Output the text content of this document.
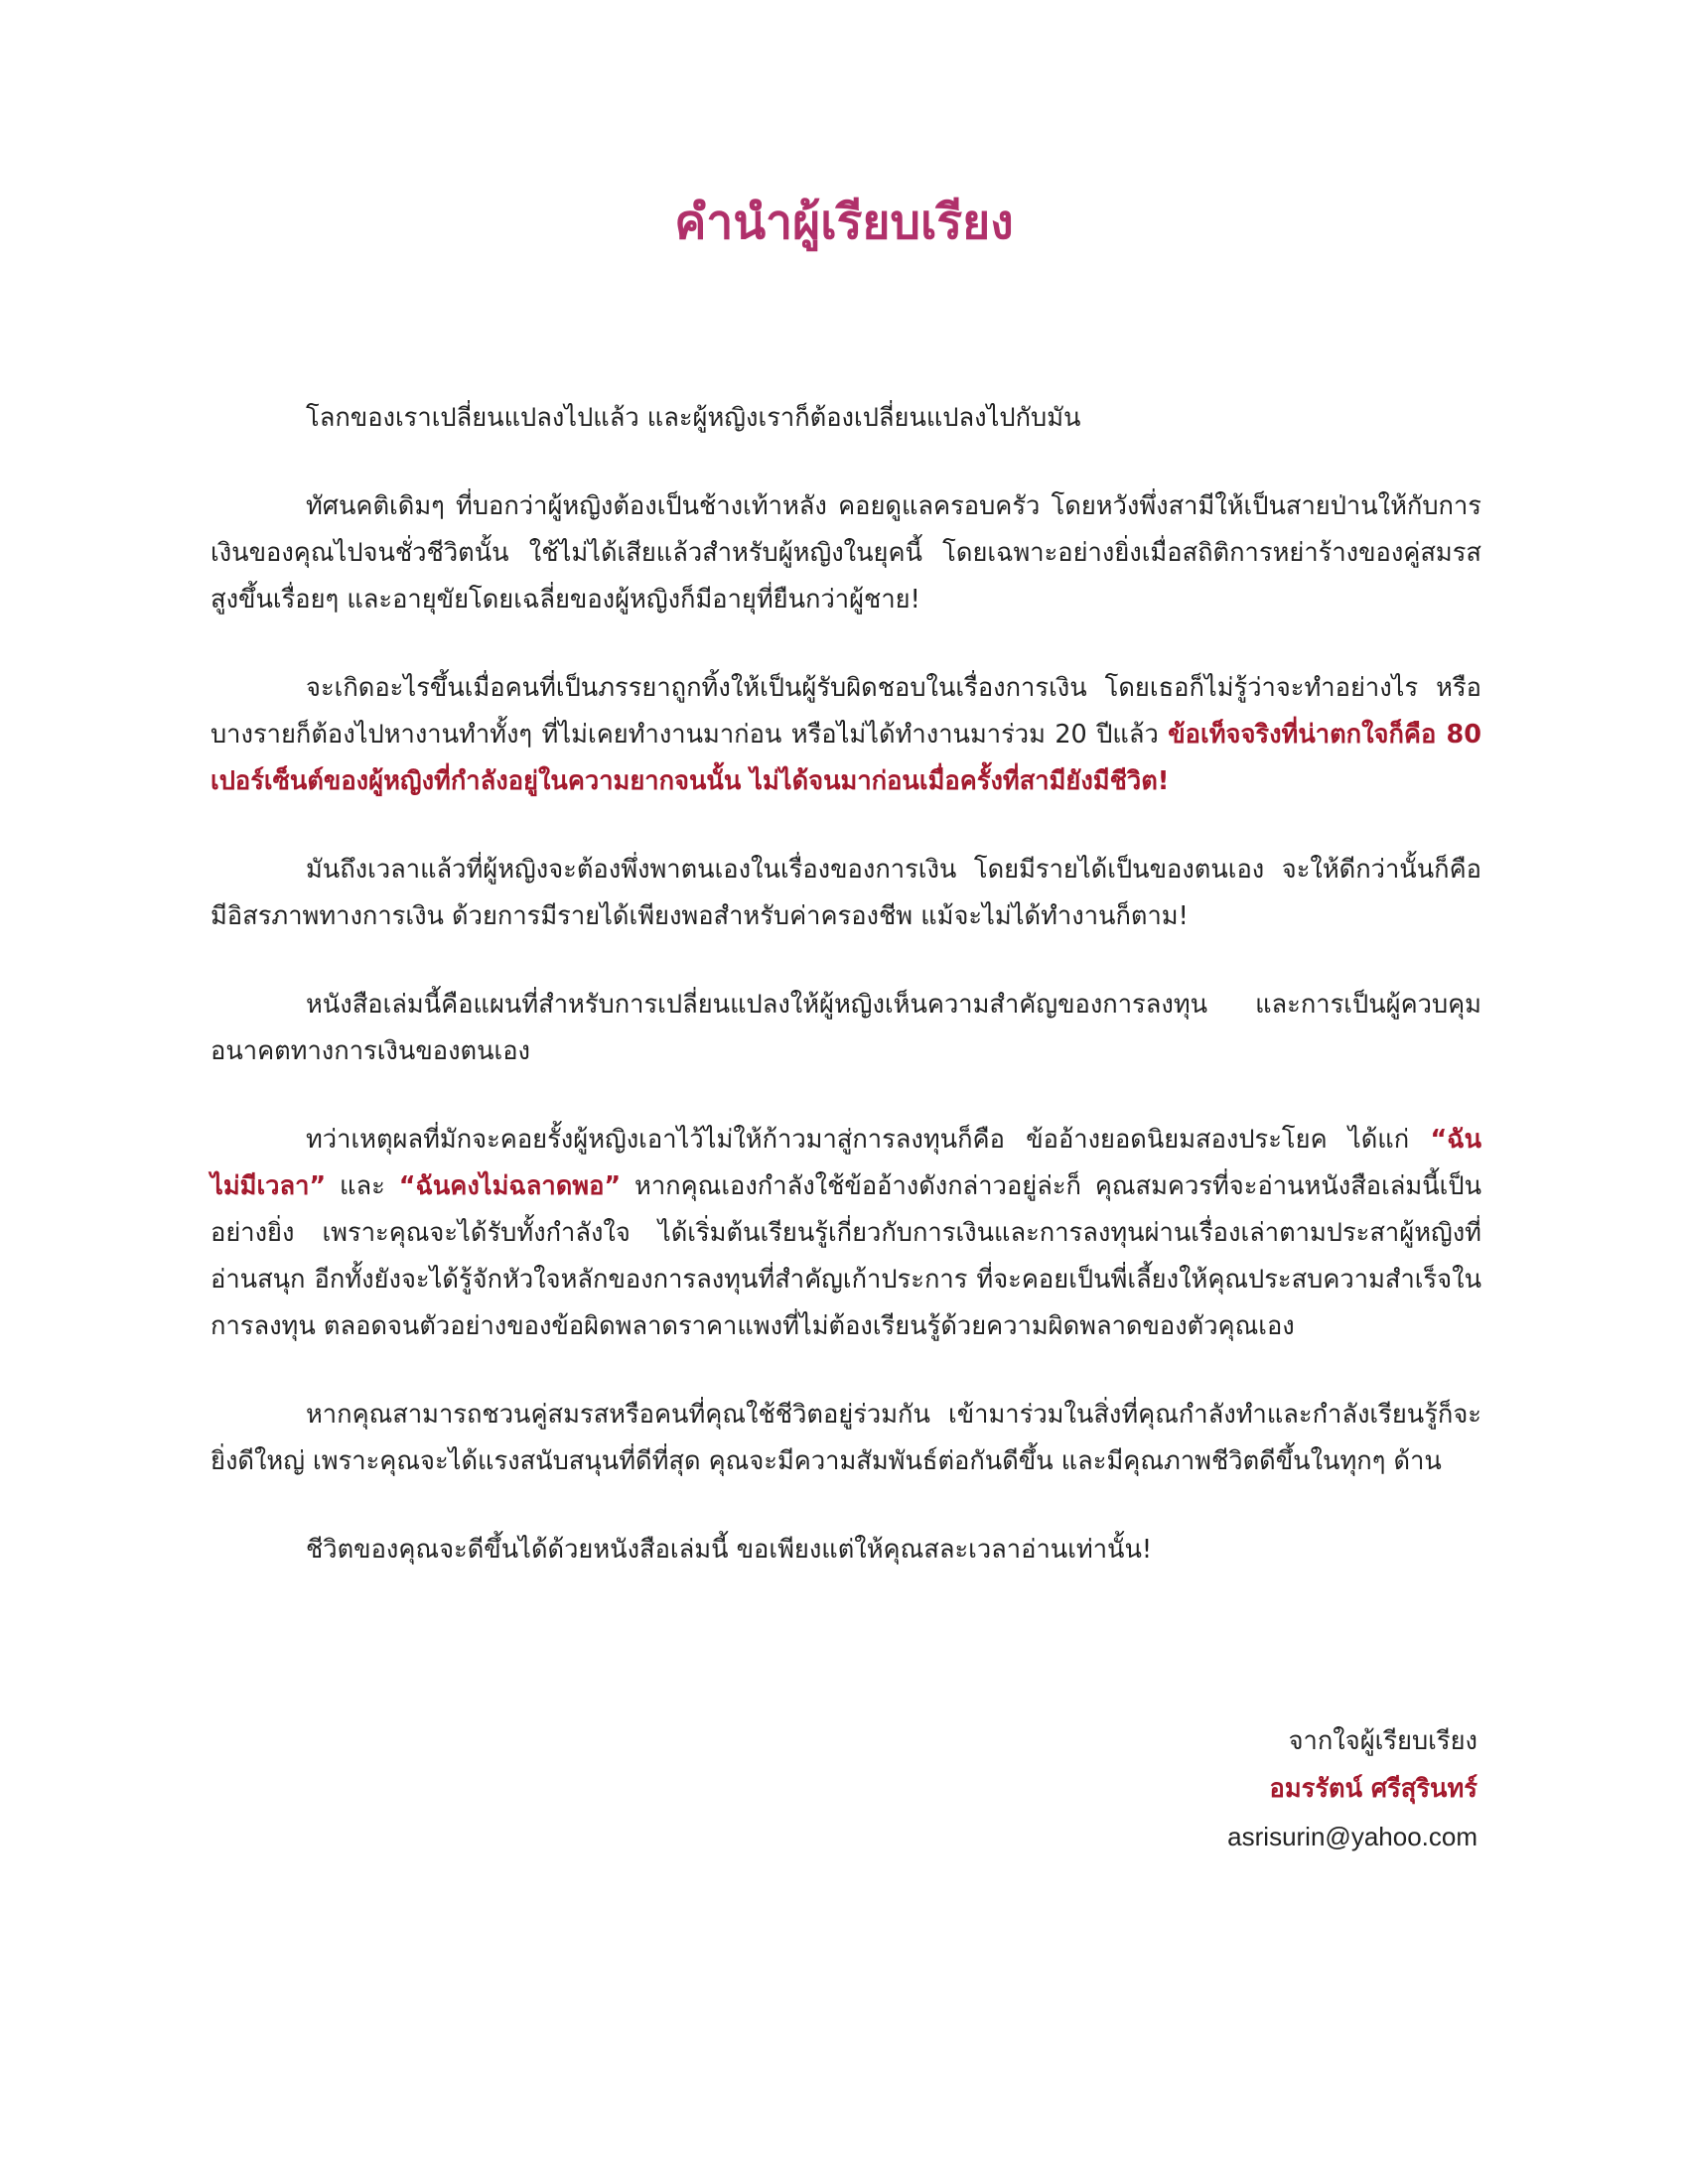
คำนำผู้เรียบเรียง

โลกของเราเปลี่ยนแปลงไปแล้ว และผู้หญิงเราก็ต้องเปลี่ยนแปลงไปกับมัน

ทัศนคติเดิมๆ ที่บอกว่าผู้หญิงต้องเป็นช้างเท้าหลัง คอยดูแลครอบครัว โดยหวังพึ่งสามีให้เป็นสายป่านให้กับการเงินของคุณไปจนชั่วชีวิตนั้น ใช้ไม่ได้เสียแล้วสำหรับผู้หญิงในยุคนี้ โดยเฉพาะอย่างยิ่งเมื่อสถิติการหย่าร้างของคู่สมรสสูงขึ้นเรื่อยๆ และอายุขัยโดยเฉลี่ยของผู้หญิงก็มีอายุที่ยืนกว่าผู้ชาย!

จะเกิดอะไรขึ้นเมื่อคนที่เป็นภรรยาถูกทิ้งให้เป็นผู้รับผิดชอบในเรื่องการเงิน โดยเธอก็ไม่รู้ว่าจะทำอย่างไร หรือบางรายก็ต้องไปหางานทำทั้งๆ ที่ไม่เคยทำงานมาก่อน หรือไม่ได้ทำงานมาร่วม 20 ปีแล้ว ข้อเท็จจริงที่น่าตกใจก็คือ 80 เปอร์เซ็นต์ของผู้หญิงที่กำลังอยู่ในความยากจนนั้น ไม่ได้จนมาก่อนเมื่อครั้งที่สามียังมีชีวิต!

มันถึงเวลาแล้วที่ผู้หญิงจะต้องพึ่งพาตนเองในเรื่องของการเงิน โดยมีรายได้เป็นของตนเอง จะให้ดีกว่านั้นก็คือ มีอิสรภาพทางการเงิน ด้วยการมีรายได้เพียงพอสำหรับค่าครองชีพ แม้จะไม่ได้ทำงานก็ตาม!

หนังสือเล่มนี้คือแผนที่สำหรับการเปลี่ยนแปลงให้ผู้หญิงเห็นความสำคัญของการลงทุน และการเป็นผู้ควบคุมอนาคตทางการเงินของตนเอง

ทว่าเหตุผลที่มักจะคอยรั้งผู้หญิงเอาไว้ไม่ให้ก้าวมาสู่การลงทุนก็คือ ข้ออ้างยอดนิยมสองประโยค ได้แก่ “ฉันไม่มีเวลา” และ “ฉันคงไม่ฉลาดพอ” หากคุณเองกำลังใช้ข้ออ้างดังกล่าวอยู่ล่ะก็ คุณสมควรที่จะอ่านหนังสือเล่มนี้เป็นอย่างยิ่ง เพราะคุณจะได้รับทั้งกำลังใจ ได้เริ่มต้นเรียนรู้เกี่ยวกับการเงินและการลงทุนผ่านเรื่องเล่าตามประสาผู้หญิงที่อ่านสนุก อีกทั้งยังจะได้รู้จักหัวใจหลักของการลงทุนที่สำคัญเก้าประการ ที่จะคอยเป็นพี่เลี้ยงให้คุณประสบความสำเร็จในการลงทุน ตลอดจนตัวอย่างของข้อผิดพลาดราคาแพงที่ไม่ต้องเรียนรู้ด้วยความผิดพลาดของตัวคุณเอง

หากคุณสามารถชวนคู่สมรสหรือคนที่คุณใช้ชีวิตอยู่ร่วมกัน เข้ามาร่วมในสิ่งที่คุณกำลังทำและกำลังเรียนรู้ก็จะยิ่งดีใหญ่ เพราะคุณจะได้แรงสนับสนุนที่ดีที่สุด คุณจะมีความสัมพันธ์ต่อกันดีขึ้น และมีคุณภาพชีวิตดีขึ้นในทุกๆ ด้าน

ชีวิตของคุณจะดีขึ้นได้ด้วยหนังสือเล่มนี้ ขอเพียงแต่ให้คุณสละเวลาอ่านเท่านั้น!

จากใจผู้เรียบเรียง
อมรรัตน์ ศรีสุรินทร์
asrisurin@yahoo.com
